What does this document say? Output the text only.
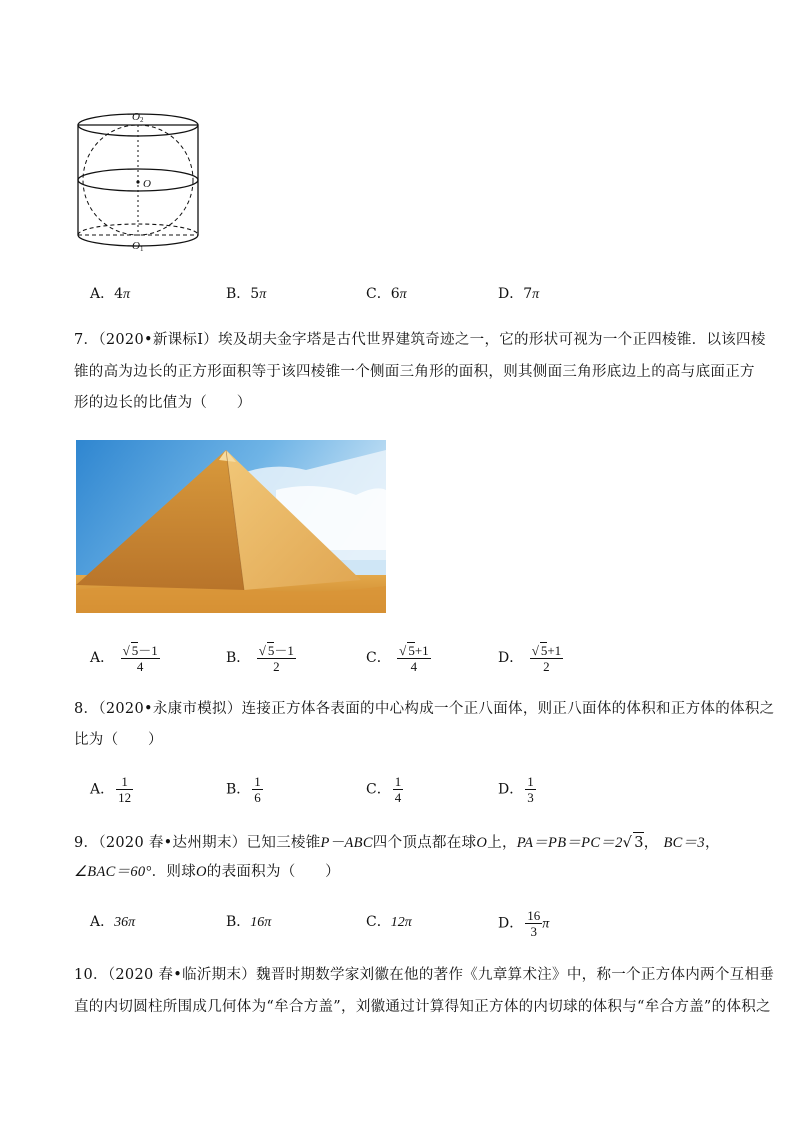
O 2
O
O 1
A．4π	B．5π	C．6π	D．7π
7．（2020•新课标Ⅰ）埃及胡夫金字塔是古代世界建筑奇迹之一，它的形状可视为一个正四棱锥．以该四棱
锥的高为边长的正方形面积等于该四棱锥一个侧面三角形的面积，则其侧面三角形底边上的高与底面正方
形的边长的比值为（　　）
A． $\frac{√ 5-1}{4}$	B． $\frac{√ 5-1}{2}$	C． $\frac{√ 5+1}{4}$	D． $\frac{√ 5+1}{2}$
8．（2020•永康市模拟）连接正方体各表面的中心构成一个正八面体，则正八面体的体积和正方体的体积之
比为（　　）
A． $\frac{1}{12}$	B． $\frac{1}{6}$	C． $\frac{1}{4}$	D． $\frac{1}{3}$
9．（2020 春•达州期末）已知三棱锥P－ABC四个顶点都在球O上，PA＝PB＝PC＝2√ 3， BC＝3，
∠BAC＝60°．则球O的表面积为（　　）
A．36π	B．16π	C．12π	D． $\frac{16}{3}$ π
10．（2020 春•临沂期末）魏晋时期数学家刘徽在他的著作《九章算术注》中，称一个正方体内两个互相垂
直的内切圆柱所围成几何体为“牟合方盖”，刘徽通过计算得知正方体的内切球的体积与“牟合方盖”的体积之
